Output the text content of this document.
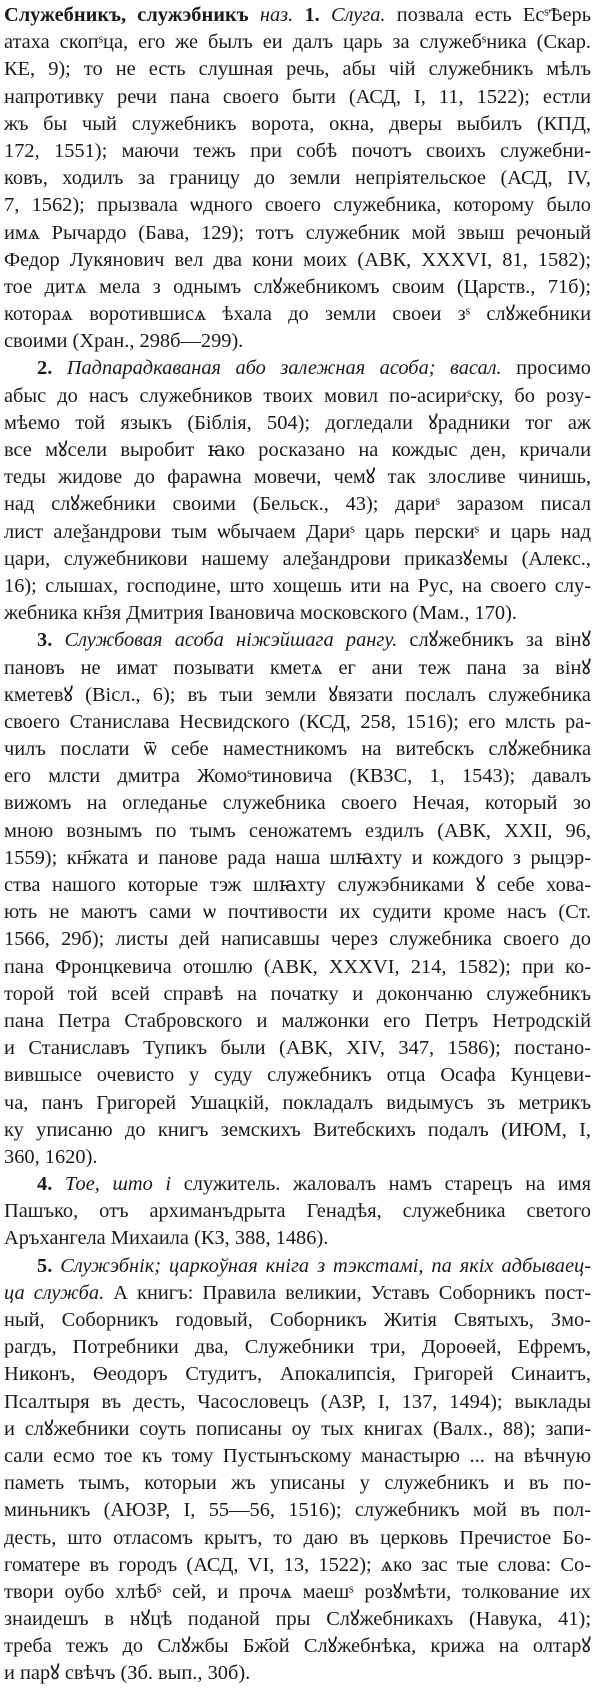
Служебникъ, служэбникъ наз. 1. Слуга. позвала есть ЕсˢѢерь
атаха скопˢца, его же былъ еи далъ царь за служебˢника (Скар.
КЕ, 9); то не есть слушная речь, абы чій служебникъ мѣлъ
напротивку речи пана своего быти (АСД, I, 11, 1522); естли
жъ бы чый служебникъ ворота, окна, дверы выбилъ (КПД,
172, 1551); маючи тежъ при собѣ почотъ своихъ служебни-
ковъ, ходилъ за границу до земли непріятельское (АСД, IV,
7, 1562); прызвала ѡдного своего служебника, которому было
имѧ Рычардо (Бава, 129); тотъ служебник мой звыш речоный
Федор Лукянович вел два кони моих (АВК, XXXVI, 81, 1582);
тое дитѧ мела з однымъ слꙋжебникомъ своим (Царств., 71б);
котораѧ воротившисѧ ѣхала до земли своеи зˢ слꙋжебники
своими (Хран., 298б—299).
2. Падпарадкаваная або залежная асоба; васал. просимо
абыс до насъ служебников твоих мовил по-асириˢску, бо розу-
мѣемо той языкъ (Біблія, 504); догледали ꙋрадники тог аж
все мꙋсели выробит ꙗко росказано на кождыс ден, кричали
теды жидове до фараѡна мовечи, чемꙋ так злосливе чинишь,
над слꙋжебники своими (Бельск., 43); дариˢ заразом писал
лист алеѯандрови тым ѡбычаем Дариˢ царь перскиˢ и царь над
цари, служебникови нашему алеѯандрови приказꙋемы (Алекс.,
16); слышах, господине, што хощешь ити на Рус, на своего слу-
жебника кн҃зя Дмитрия Івановича московского (Мам., 170).
3. Службовая асоба ніжэйшага рангу. слꙋжебникъ за вінꙋ
пановъ не имат позывати кметѧ ег ани теж пана за вінꙋ
кметевꙋ (Вісл., 6); въ тыи земли ꙋвязати послалъ служебника
своего Станислава Несвидского (КСД, 258, 1516); его млсть ра-
чилъ послати ѿ себе наместникомъ на витебскъ слꙋжебника
его млсти дмитра Жомоˢтиновича (КВЗС, 1, 1543); давалъ
вижомъ на огледанье служебника своего Нечая, который зо
мною вознымъ по тымъ сеножатемъ ездилъ (АВК, XXII, 96,
1559); кн҃жата и панове рада наша шлꙗхту и кождого з рыцэр-
ства нашого которые тэж шлꙗхту служэбниками ꙋ себе хова-
ють не маютъ сами ѡ почтивости их судити кроме насъ (Ст.
1566, 29б); листы дей написавшы через служебника своего до
пана Фронцкевича отошлю (АВК, XXXVI, 214, 1582); при ко-
торой той всей справѣ на початку и докончаню служебникъ
пана Петра Стабровского и малжонки его Петръ Нетродскій
и Станиславъ Тупикъ были (АВК, XIV, 347, 1586); постано-
вившысе очевисто у суду служебникъ отца Осафа Кунцеви-
ча, панъ Григорей Ушацкій, покладалъ видымусъ зъ метрикъ
ку уписаню до книгъ земскихъ Витебскихъ подалъ (ИЮМ, I,
360, 1620).
4. Тое, што і служитель. жаловалъ намъ старецъ на имя
Пашъко, отъ архиманъдрыта Генадѣя, служебника светого
Аръхангела Михаила (КЗ, 388, 1486).
5. Служэбнік; царкоўная кніга з тэкстамі, па якіх адбываец-
ца служба. А книгъ: Правила великии, Уставъ Соборникъ пост-
ный, Соборникъ годовый, Соборникъ Житія Святыхъ, Змо-
рагдъ, Потребники два, Служебники три, Дороѳей, Ефремъ,
Никонъ, Ѳеодоръ Студитъ, Апокалипсія, Григорей Синаитъ,
Псалтыря въ десть, Часословецъ (АЗР, I, 137, 1494); выклады
и слꙋжебники соуть пописаны оу тых книгах (Валх., 88); запи-
сали есмо тое къ тому Пустынъскому манастырю ... на вѣчную
паметь тымъ, которыи жъ уписаны у служебникъ и въ по-
миньникъ (АЮЗР, I, 55—56, 1516); служебникъ мой въ пол-
десть, што отласомъ крытъ, то даю въ церковь Пречистое Бо-
гоматере въ городъ (АСД, VI, 13, 1522); ѧко зас тые слова: Со-
твори оубо хлѣбˢ сей, и прочѧ маешˢ розꙋмѣти, толкование их
знаидешъ в нꙋцѣ поданой пры Слꙋжебникахъ (Навука, 41);
треба тежъ до Слꙋжбы Бж҃ой Слꙋжебнѣка, крижа на олтарꙋ
и парꙋ свѣчъ (Зб. вып., 30б).
